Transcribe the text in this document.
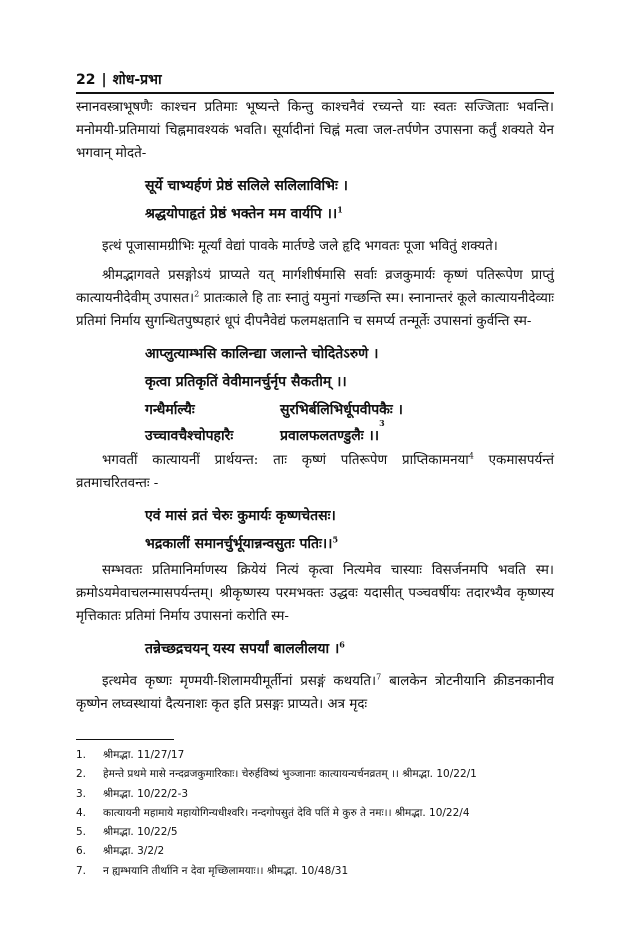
22 | शोध-प्रभा

स्नानवस्त्राभूषणैः काश्चन प्रतिमाः भूष्यन्ते किन्तु काश्चनैवं रच्यन्ते याः स्वतः सज्जिताः भवन्ति। मनोमयी-प्रतिमायां चिह्नमावश्यकं भवति। सूर्यादीनां चिह्नं मत्वा जल-तर्पणेन उपासना कर्तुं शक्यते येन भगवान् मोदते-

सूर्ये चाभ्यर्हणं प्रेष्ठं सलिले सलिलाविभिः ।
श्रद्धयोपाहृतं प्रेष्ठं भक्तेन मम वार्यपि ।।$^1$

इत्थं पूजासामग्रीभिः मूर्त्यां वेद्यां पावके मार्तण्डे जले हृदि भगवतः पूजा भवितुं शक्यते।

श्रीमद्भागवते प्रसङ्गोऽयं प्राप्यते यत् मार्गशीर्षमासि सर्वाः व्रजकुमार्यः कृष्णं पतिरूपेण प्राप्तुं कात्यायनीदेवीम् उपासत।$^2$ प्रातःकाले हि ताः स्नातुं यमुनां गच्छन्ति स्म। स्नानान्तरं कूले कात्यायनीदेव्याः प्रतिमां निर्माय सुगन्धितपुष्पहारं धूपं दीपनैवेद्यं फलमक्षतानि च समर्प्य तन्मूर्तेः उपासनां कुर्वन्ति स्म-

आप्लुत्याम्भसि कालिन्द्या जलान्ते चोदितेऽरुणे ।
कृत्वा प्रतिकृतिं वेवीमानर्चुर्नृप सैकतीम् ।।
गन्धैर्माल्यैः	सुरभिर्बलिभिर्धूपवीपकैः ।
उच्चावचैश्चोपहारैः	प्रवालफलतण्डुलैः ।।
3

भगवतीं कात्यायनीं प्रार्थयन्त: ताः कृष्णं पतिरूपेण प्राप्तिकामनया$^4$ एकमासपर्यन्तं व्रतमाचरितवन्तः -

एवं मासं व्रतं चेरुः कुमार्यः कृष्णचेतसः।
भद्रकालीं समानर्चुर्भूयान्नन्वसुतः पतिः।।$^5$

सम्भवतः प्रतिमानिर्माणस्य क्रियेयं नित्यं कृत्वा नित्यमेव चास्याः विसर्जनमपि भवति स्म। क्रमोऽयमेवाचलन्मासपर्यन्तम्। श्रीकृष्णस्य परमभक्तः उद्धवः यदासीत् पञ्चवर्षीयः तदारभ्यैव कृष्णस्य मृत्तिकातः प्रतिमां निर्माय उपासनां करोति स्म-

तन्नेच्छद्रचयन् यस्य सपर्यां बाललीलया ।$^6$

इत्थमेव कृष्णः मृण्मयी-शिलामयीमूर्तीनां प्रसङ्गं कथयति।$^7$ बालकेन त्रोटनीयानि क्रीडनकानीव कृष्णेन लघ्वस्थायां दैत्यनाशः कृत इति प्रसङ्गः प्राप्यते। अत्र मृदः

1.	श्रीमद्भा. 11/27/17
2.	हेमन्ते प्रथमे मासे नन्दव्रजकुमारिकाः। चेरुर्हविष्यं भुञ्जानाः कात्यायन्यर्चनव्रतम् ।। श्रीमद्भा. 10/22/1
3.	श्रीमद्भा. 10/22/2-3
4.	कात्यायनी महामाये महायोगिन्यधीश्वरि। नन्दगोपसुतं देवि पतिं मे कुरु ते नमः।। श्रीमद्भा. 10/22/4
5.	श्रीमद्भा. 10/22/5
6.	श्रीमद्भा. 3/2/2
7.	न ह्यम्भयानि तीर्थानि न देवा मृच्छिलामयाः।। श्रीमद्भा. 10/48/31
